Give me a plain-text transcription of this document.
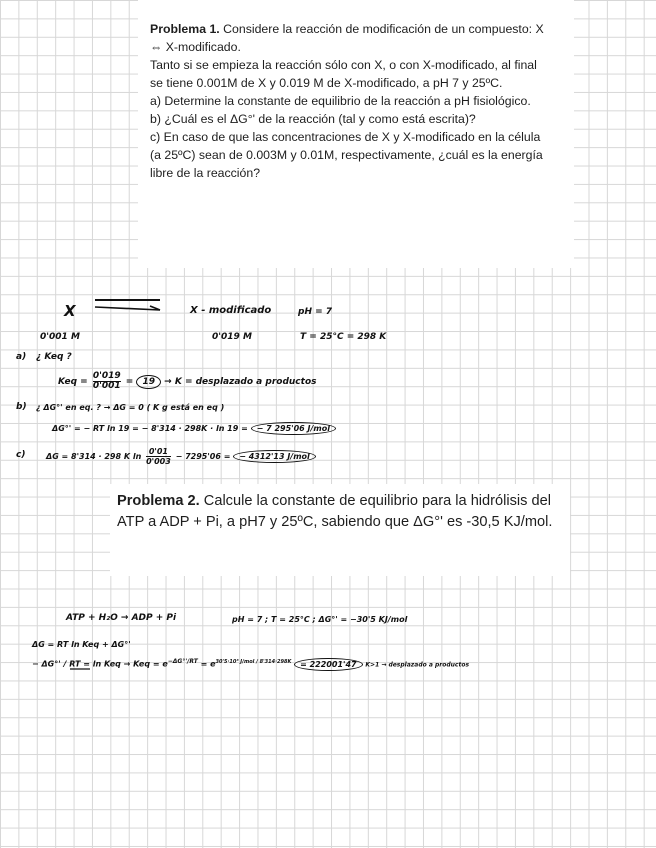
Problema 1. Considere la reacción de modificación de un compuesto: X ⇔ X-modificado.

Tanto si se empieza la reacción sólo con X, o con X-modificado, al final se tiene 0.001M de X y 0.019 M de X-modificado, a pH 7 y 25ºC.

a) Determine la constante de equilibrio de la reacción a pH fisiológico.

b) ¿Cuál es el ΔG°' de la reacción (tal y como está escrita)?

c) En caso de que las concentraciones de X y X-modificado en la célula (a 25ºC) sean de 0.003M y 0.01M, respectivamente, ¿cuál es la energía libre de la reacción?

X	X - modificado	pH = 7
0'001 M	0'019 M	T = 25°C = 298 K
a) ¿ Keq ?
Keq = $\frac{0'019}{0'001} = 19 \to K$ = desplazado a productos
b) ¿ ΔG°' en eq. ? → ΔG = 0 ( K g está en eq )
ΔG°' = − RT ln 19 = − 8'314 · 298K · ln 19 = − 7 295'06 J/mol
c)	ΔG = 8'314 · 298 K $\ln \frac{0'01}{0'003} - 7295'06$ = − 4312'13 J/mol

Problema 2. Calcule la constante de equilibrio para la hidrólisis del ATP a ADP + Pi, a pH7 y 25ºC, sabiendo que ΔG°' es -30,5 KJ/mol.

ATP + H₂O → ADP + Pi	pH = 7 ; T = 25°C ; ΔG°' = −30'5 KJ/mol
ΔG = RT ln Keq + ΔG°'
− ΔG°' / RT = ln Keq → Keq = $e^{-\Delta G^\circ'/RT} = e^{30'5\cdot 10^3 J/mol / 8'314\cdot 298K} = 222001'47$ K>1 → desplazado a productos
